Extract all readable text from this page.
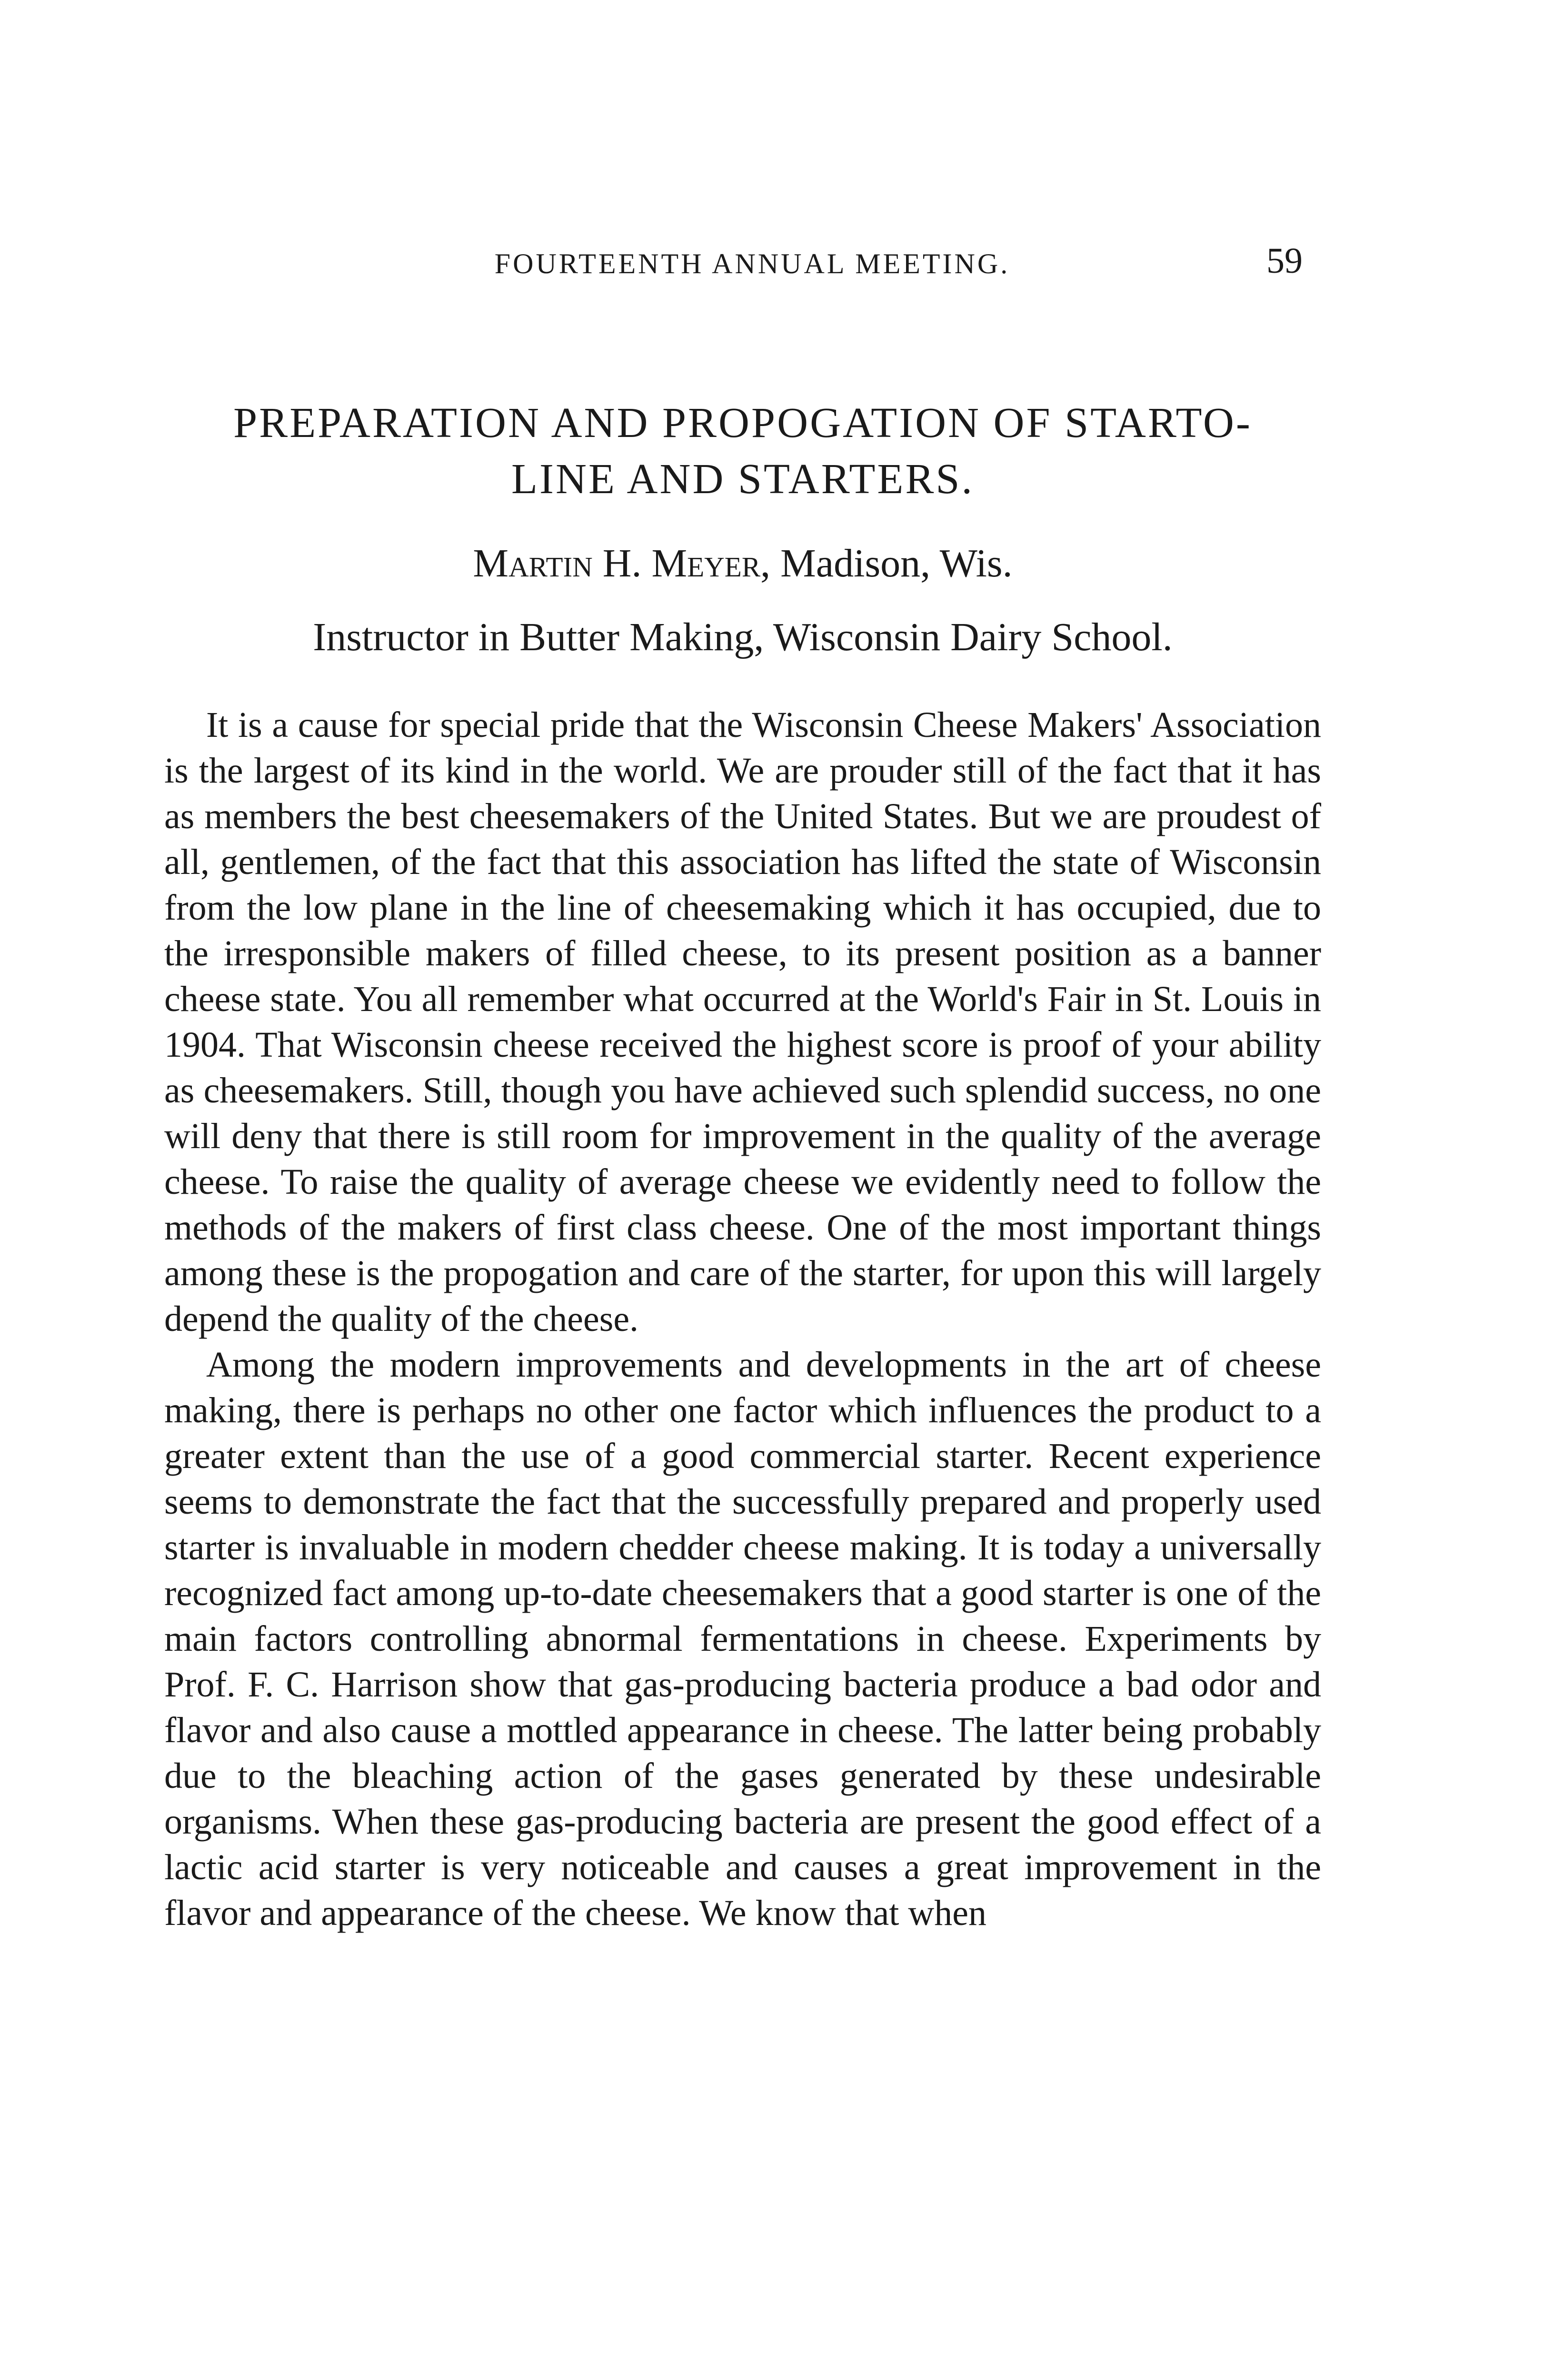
FOURTEENTH ANNUAL MEETING.	59
PREPARATION AND PROPOGATION OF STARTO-
LINE AND STARTERS.
Martin H. Meyer, Madison, Wis.
Instructor in Butter Making, Wisconsin Dairy School.

It is a cause for special pride that the Wisconsin Cheese Makers' Association is the largest of its kind in the world. We are prouder still of the fact that it has as members the best cheesemakers of the United States. But we are proudest of all, gentlemen, of the fact that this association has lifted the state of Wisconsin from the low plane in the line of cheesemaking which it has occupied, due to the irresponsible makers of filled cheese, to its present position as a banner cheese state. You all remember what occurred at the World's Fair in St. Louis in 1904. That Wisconsin cheese received the highest score is proof of your ability as cheesemakers. Still, though you have achieved such splendid success, no one will deny that there is still room for improvement in the quality of the average cheese. To raise the quality of average cheese we evidently need to follow the methods of the makers of first class cheese. One of the most important things among these is the propogation and care of the starter, for upon this will largely depend the quality of the cheese.

Among the modern improvements and developments in the art of cheese making, there is perhaps no other one factor which influences the product to a greater extent than the use of a good commercial starter. Recent experience seems to demonstrate the fact that the successfully prepared and properly used starter is invaluable in modern chedder cheese making. It is today a universally recognized fact among up-to-date cheesemakers that a good starter is one of the main factors controlling abnormal fermentations in cheese. Experiments by Prof. F. C. Harrison show that gas-producing bacteria produce a bad odor and flavor and also cause a mottled appearance in cheese. The latter being probably due to the bleaching action of the gases generated by these undesirable organisms. When these gas-producing bacteria are present the good effect of a lactic acid starter is very noticeable and causes a great improvement in the flavor and appearance of the cheese. We know that when
